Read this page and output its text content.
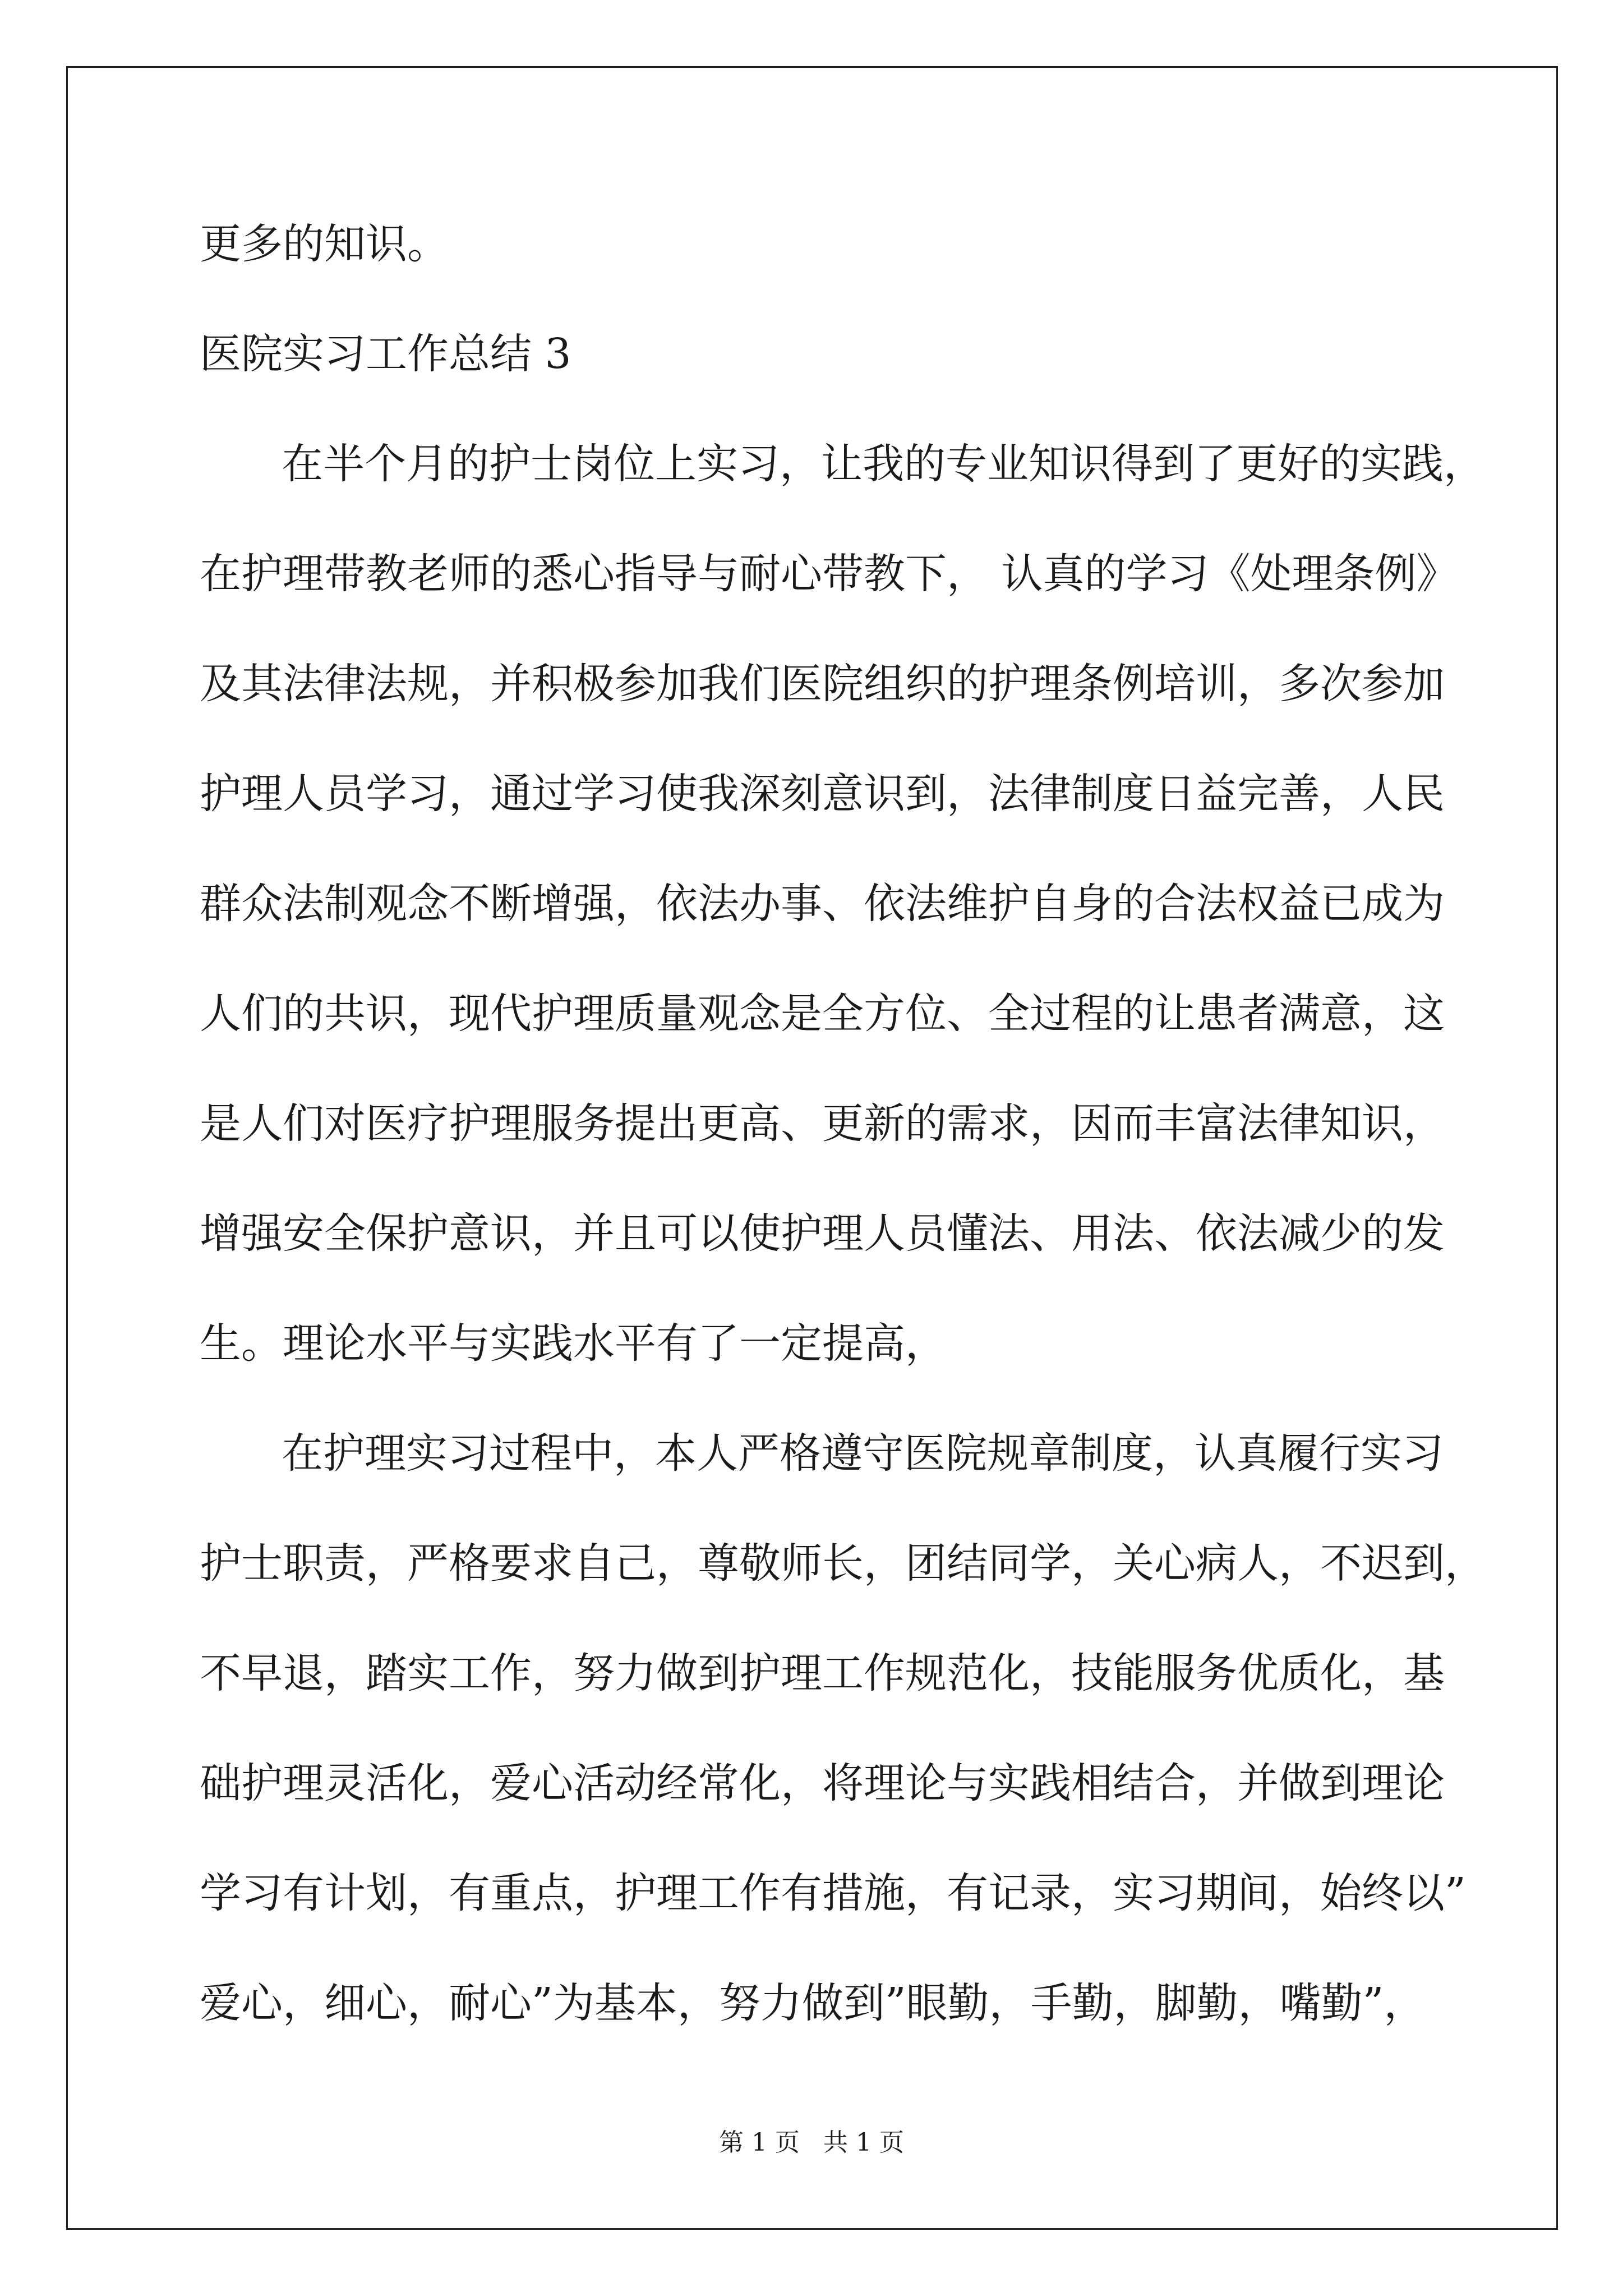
更多的知识。
医院实习工作总结 3
在半个月的护士岗位上实习，让我的专业知识得到了更好的实践，
在护理带教老师的悉心指导与耐心带教下， 认真的学习《处理条例》
及其法律法规，并积极参加我们医院组织的护理条例培训，多次参加
护理人员学习，通过学习使我深刻意识到，法律制度日益完善，人民
群众法制观念不断增强，依法办事、依法维护自身的合法权益已成为
人们的共识，现代护理质量观念是全方位、全过程的让患者满意，这
是人们对医疗护理服务提出更高、更新的需求，因而丰富法律知识，
增强安全保护意识，并且可以使护理人员懂法、用法、依法减少的发
生。理论水平与实践水平有了一定提高，
在护理实习过程中，本人严格遵守医院规章制度，认真履行实习
护士职责，严格要求自己，尊敬师长，团结同学，关心病人，不迟到，
不早退，踏实工作，努力做到护理工作规范化，技能服务优质化，基
础护理灵活化，爱心活动经常化，将理论与实践相结合，并做到理论
学习有计划，有重点，护理工作有措施，有记录，实习期间，始终以”
爱心，细心，耐心”为基本，努力做到”眼勤，手勤，脚勤，嘴勤”，
第 1 页   共 1 页
